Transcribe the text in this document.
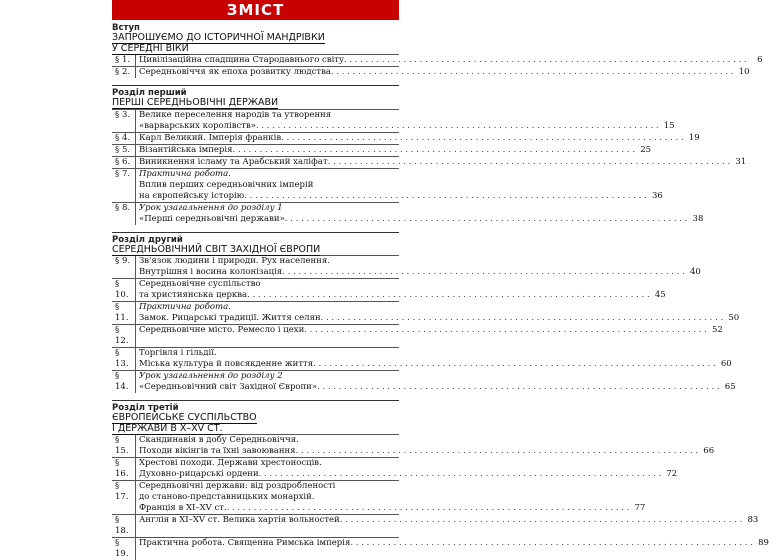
ЗМІСТ
Вступ
ЗАПРОШУЄМО ДО ІСТОРИЧНОЇ МАНДРІВКИ
У СЕРЕДНІ ВІКИ
§ 1.	Цивілізаційна спадщина Стародавнього світу . . .	6
§ 2.	Середньовіччя як епоха розвитку людства . . .	10
Розділ перший
ПЕРШІ СЕРЕДНЬОВІЧНІ ДЕРЖАВИ
§ 3.	Велике переселення народів та утворення
«варварських королівств» . . .	15
§ 4.	Карл Великий. Імперія франків . . .	19
§ 5.	Візантійська імперія . . .	25
§ 6.	Виникнення ісламу та Арабський халіфат . . .	31
§ 7.	Практична робота.
Вплив перших середньовічних імперій
на європейську історію . . .	36
§ 8.	Урок узагальнення до розділу 1
«Перші середньовічні держави» . . .	38
Розділ другий
СЕРЕДНЬОВІЧНИЙ СВІТ ЗАХІДНОЇ ЄВРОПИ
§ 9.	Зв'язок людини і природи. Рух населення.
Внутрішня і восина колонізація . . .	40
§ 10.
Середньовічне суспільство
та християнська церква . . .	45
§ 11.
Практична робота.
Замок. Рицарські традиції. Життя селян . . .	50
§ 12.
Середньовічне місто. Ремесло і цехи . . .	52
§ 13.
Торгівля і гільдії.
Міська культура й повсякденне життя . . .	60
§ 14.
Урок узагальнення до розділу 2
«Середньовічний світ Західної Європи» . . .	65
Розділ третій
ЄВРОПЕЙСЬКЕ СУСПІЛЬСТВО
І ДЕРЖАВИ В Х–XV СТ.
§ 15.
Скандинавія в добу Середньовіччя.
Походи вікінгів та їхні завоювання . . .	66
§ 16.
Хрестові походи. Держави хрестоносців.
Духовно-рицарські ордени . . .	72
§ 17.
Середньовічні держави: від роздробленості
до станово-представницьких монархій.
Франція в XI–XV ст. . . .	77
§ 18.
Англія в XI–XV ст. Велика хартія вольностей . . .	83
§ 19.
Практична робота. Священна Римська імперія . . .	89
